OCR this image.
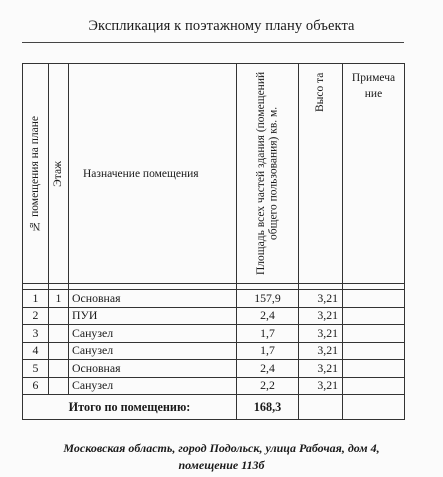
Экспликация к поэтажному плану объекта
№ помещения на плане	Этаж	Назначение помещения	Площадь всех частей здания (помещений общего пользования) кв. м.	Высо та	Примеча ние

1	1	Основная	157,9	3,21	
2		ПУИ	2,4	3,21	
3		Санузел	1,7	3,21	
4		Санузел	1,7	3,21	
5		Основная	2,4	3,21	
6		Санузел	2,2	3,21	
Итого по помещению:			168,3		
Московская область, город Подольск, улица Рабочая, дом 4,
помещение 113б
